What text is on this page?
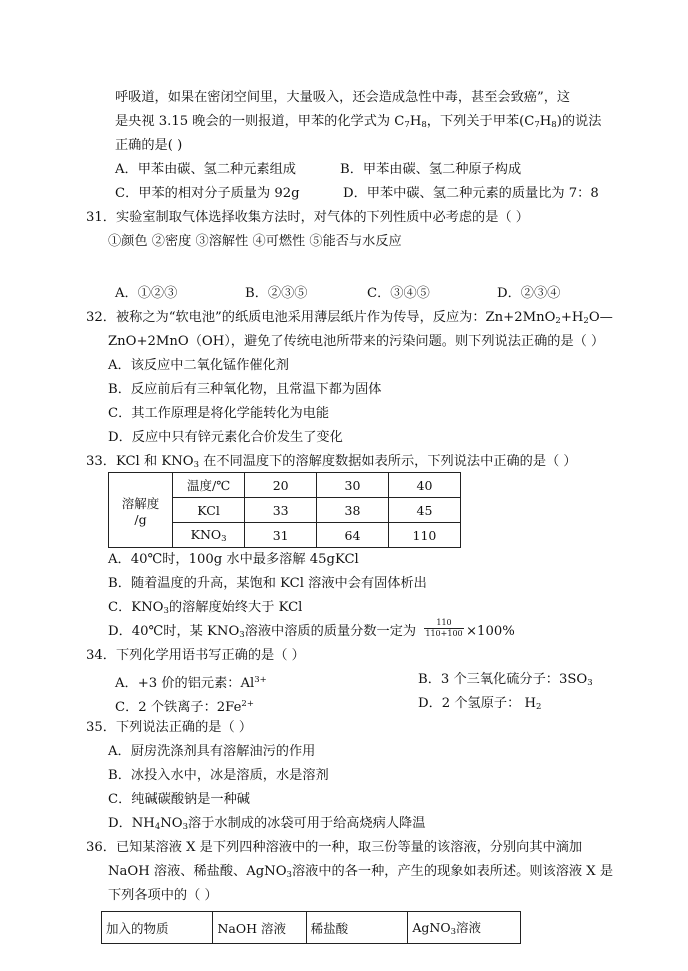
呼吸道，如果在密闭空间里，大量吸入，还会造成急性中毒，甚至会致癌”，这
是央视 3.15 晚会的一则报道，甲苯的化学式为 $C_7H_8$，下列关于甲苯$(C_7H_8)$的说法
正确的是( )
A．甲苯由碳、氢二种元素组成	B．甲苯由碳、氢二种原子构成
C．甲苯的相对分子质量为 92g	D．甲苯中碳、氢二种元素的质量比为 7：8
31．实验室制取气体选择收集方法时，对气体的下列性质中必考虑的是（ ）
①颜色 ②密度 ③溶解性 ④可燃性 ⑤能否与水反应
A．①②③	B．②③⑤	C．③④⑤	D．②③④
32．被称之为“软电池”的纸质电池采用薄层纸片作为传导，反应为：$Zn+2MnO_2+H_2O—$
ZnO+2MnO（OH），避免了传统电池所带来的污染问题。则下列说法正确的是（ ）
A．该反应中二氧化锰作催化剂
B．反应前后有三种氧化物，且常温下都为固体
C．其工作原理是将化学能转化为电能
D．反应中只有锌元素化合价发生了变化
33．KCl 和 $KNO_3$ 在不同温度下的溶解度数据如表所示，下列说法中正确的是（ ）
溶解度
/g	温度/℃	20	30	40
	KCl	33	38	45
	$KNO_3$	31	64	110
A．40℃时，100g 水中最多溶解 45gKCl
B．随着温度的升高，某饱和 KCl 溶液中会有固体析出
C．$KNO_3$的溶解度始终大于 KCl
D．40℃时，某 $KNO_3$溶液中溶质的质量分数一定为 $\frac{110}{110+100} \times 100\%$
34．下列化学用语书写正确的是（ ）
A．+3 价的铝元素：$Al^{3+}$	B．3 个三氧化硫分子：$3SO_3$
C．2 个铁离子：$2Fe^{2+}$	D．2 个氢原子： $H_2$
35．下列说法正确的是（ ）
A．厨房洗涤剂具有溶解油污的作用
B．冰投入水中，冰是溶质，水是溶剂
C．纯碱碳酸钠是一种碱
D．$NH_4NO_3$溶于水制成的冰袋可用于给高烧病人降温
36．已知某溶液 X 是下列四种溶液中的一种，取三份等量的该溶液，分别向其中滴加
NaOH 溶液、稀盐酸、AgNO$_3$溶液中的各一种，产生的现象如表所述。则该溶液 X 是
下列各项中的（ ）
加入的物质	NaOH 溶液	稀盐酸	AgNO$_3$溶液
